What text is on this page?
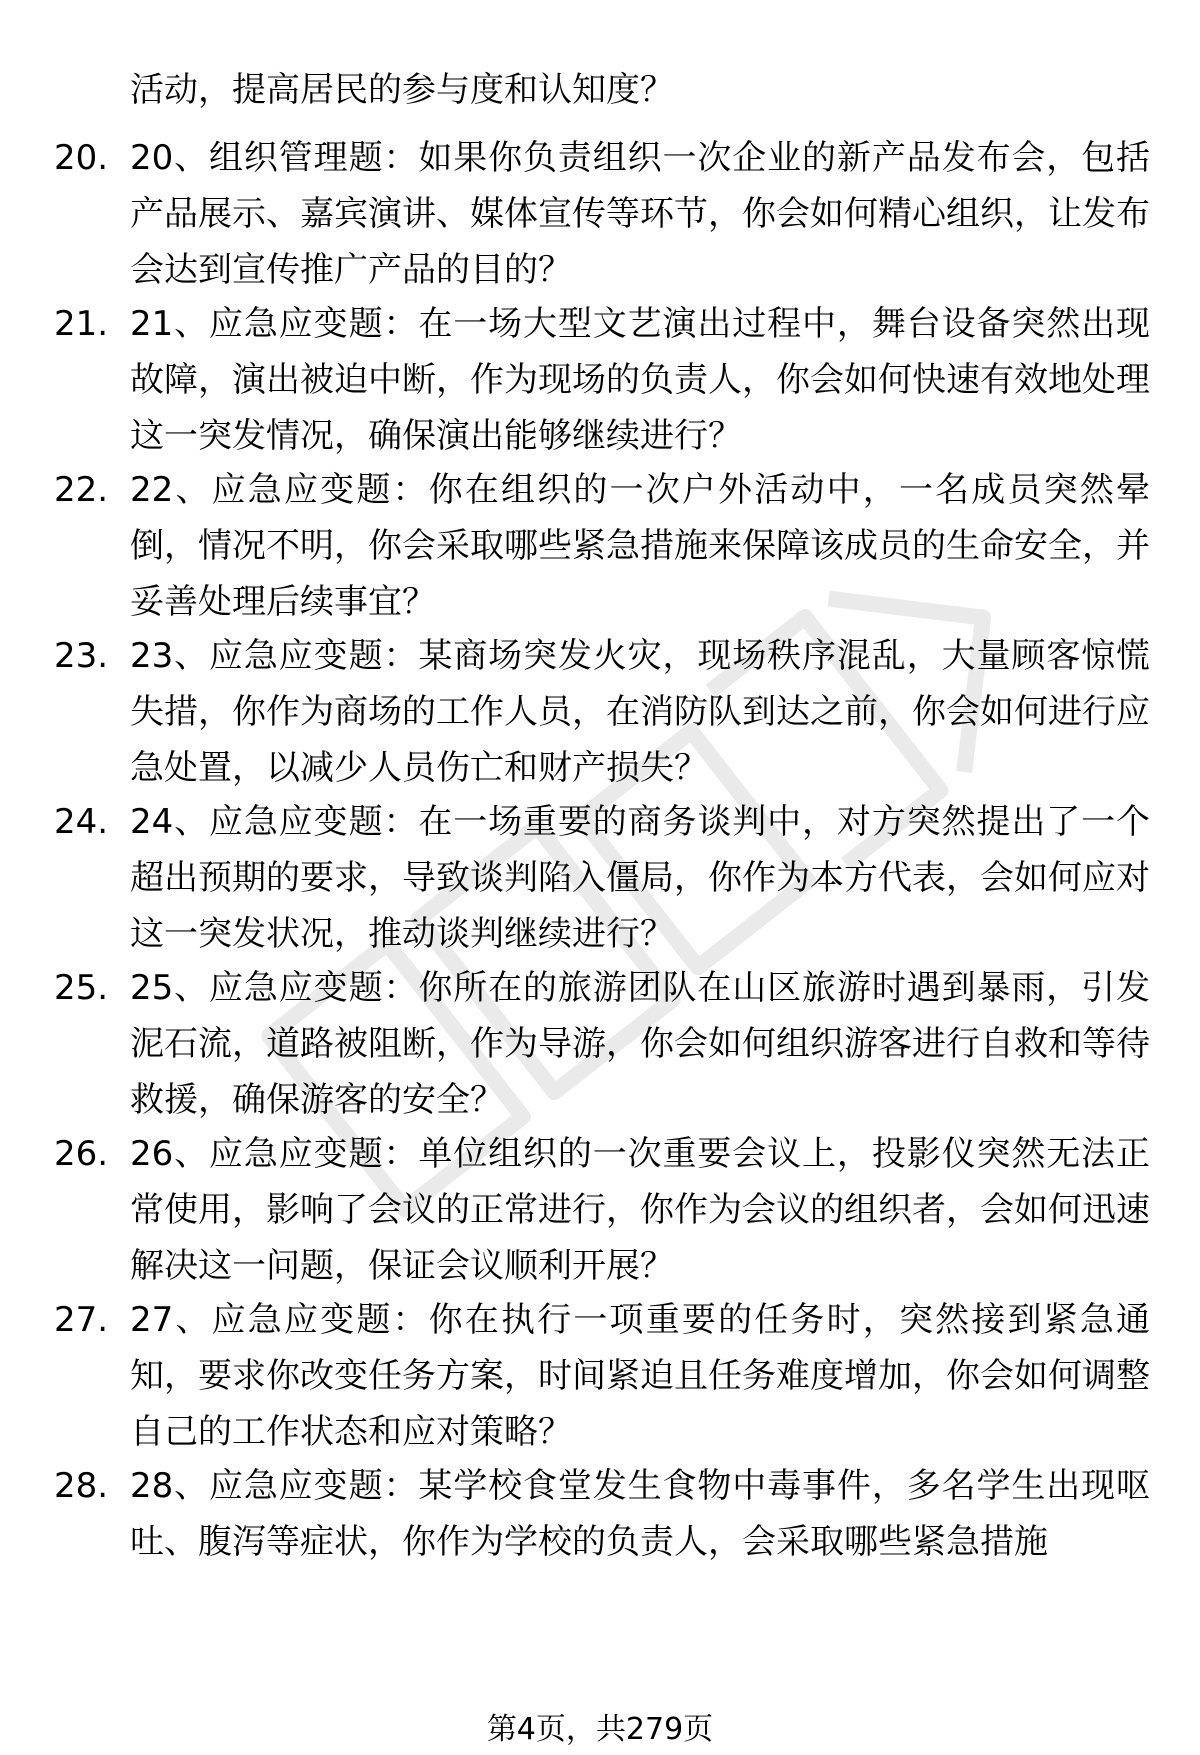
活动，提高居民的参与度和认知度？
20. 20、组织管理题：如果你负责组织一次企业的新产品发布会，包括产品展示、嘉宾演讲、媒体宣传等环节，你会如何精心组织，让发布会达到宣传推广产品的目的？
21. 21、应急应变题：在一场大型文艺演出过程中，舞台设备突然出现故障，演出被迫中断，作为现场的负责人，你会如何快速有效地处理这一突发情况，确保演出能够继续进行？
22. 22、应急应变题：你在组织的一次户外活动中，一名成员突然晕倒，情况不明，你会采取哪些紧急措施来保障该成员的生命安全，并妥善处理后续事宜？
23. 23、应急应变题：某商场突发火灾，现场秩序混乱，大量顾客惊慌失措，你作为商场的工作人员，在消防队到达之前，你会如何进行应急处置，以减少人员伤亡和财产损失？
24. 24、应急应变题：在一场重要的商务谈判中，对方突然提出了一个超出预期的要求，导致谈判陷入僵局，你作为本方代表，会如何应对这一突发状况，推动谈判继续进行？
25. 25、应急应变题：你所在的旅游团队在山区旅游时遇到暴雨，引发泥石流，道路被阻断，作为导游，你会如何组织游客进行自救和等待救援，确保游客的安全？
26. 26、应急应变题：单位组织的一次重要会议上，投影仪突然无法正常使用，影响了会议的正常进行，你作为会议的组织者，会如何迅速解决这一问题，保证会议顺利开展？
27. 27、应急应变题：你在执行一项重要的任务时，突然接到紧急通知，要求你改变任务方案，时间紧迫且任务难度增加，你会如何调整自己的工作状态和应对策略？
28. 28、应急应变题：某学校食堂发生食物中毒事件，多名学生出现呕吐、腹泻等症状，你作为学校的负责人，会采取哪些紧急措施
第4页，共279页
